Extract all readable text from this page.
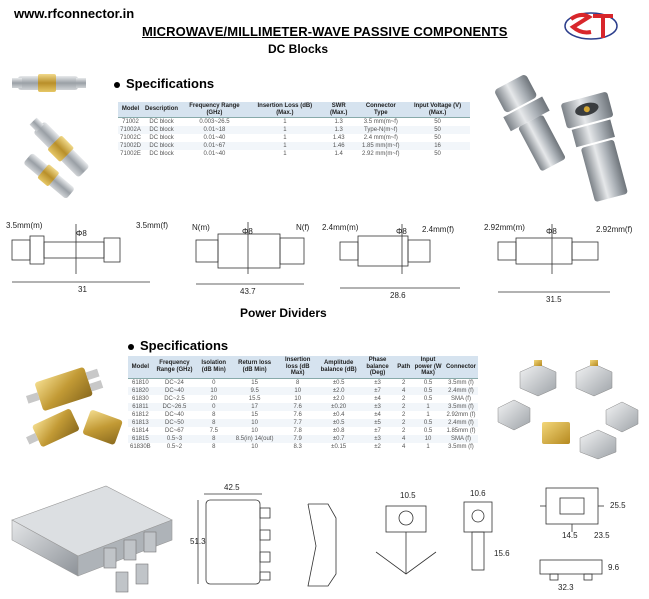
www.rfconnector.in
MICROWAVE/MILLIMETER-WAVE PASSIVE COMPONENTS
DC Blocks
Specifications
Model	Description	Frequency Range (GHz)	Insertion Loss (dB)(Max.)	SWR (Max.)	Connector Type	Input Voltage (V)(Max.)
71002	DC block	0.003~26.5	1	1.3	3.5 mm(m~f)	50
71002A	DC block	0.01~18	1	1.3	Type-N(m~f)	50
71002C	DC block	0.01~40	1	1.43	2.4 mm(m~f)	50
71002D	DC block	0.01~67	1	1.46	1.85 mm(m~f)	16
71002E	DC block	0.01~40	1	1.4	2.92 mm(m~f)	50
3.5mm(m)	3.5mm(f)
Φ8
31
N(m)	N(f)
Φ8
43.7
2.4mm(m)	2.4mm(f)
Φ8
28.6
2.92mm(m)	2.92mm(f)
Φ8
31.5
Power Dividers
Specifications
Model	Frequency Range (GHz)	Isolation (dB Min)	Return loss (dB Min)	Insertion loss (dB Max)	Amplitude balance (dB)	Phase balance (Deg)	Path	Input power (W Max)	Connector
61810	DC~24	0	15	8	±0.5	±3	2	0.5	3.5mm (f)
61820	DC~40	10	9.5	10	±2.0	±7	4	0.5	2.4mm (f)
61830	DC~2.5	20	15.5	10	±2.0	±4	2	0.5	SMA (f)
61811	DC~26.5	0	17	7.6	±0.20	±3	2	1	3.5mm (f)
61812	DC~40	8	15	7.6	±0.4	±4	2	1	2.92mm (f)
61813	DC~50	8	10	7.7	±0.5	±5	2	0.5	2.4mm (f)
61814	DC~67	7.5	10	7.8	±0.8	±7	2	0.5	1.85mm (f)
61815	0.5~3	8	8.5(in) 14(out)	7.9	±0.7	±3	4	10	SMA (f)
61830B	0.5~2	8	10	8.3	±0.15	±2	4	1	3.5mm (f)
42.5
51.3
10.5	10.6
15.6
14.5 23.5
25.5
32.3
9.6
